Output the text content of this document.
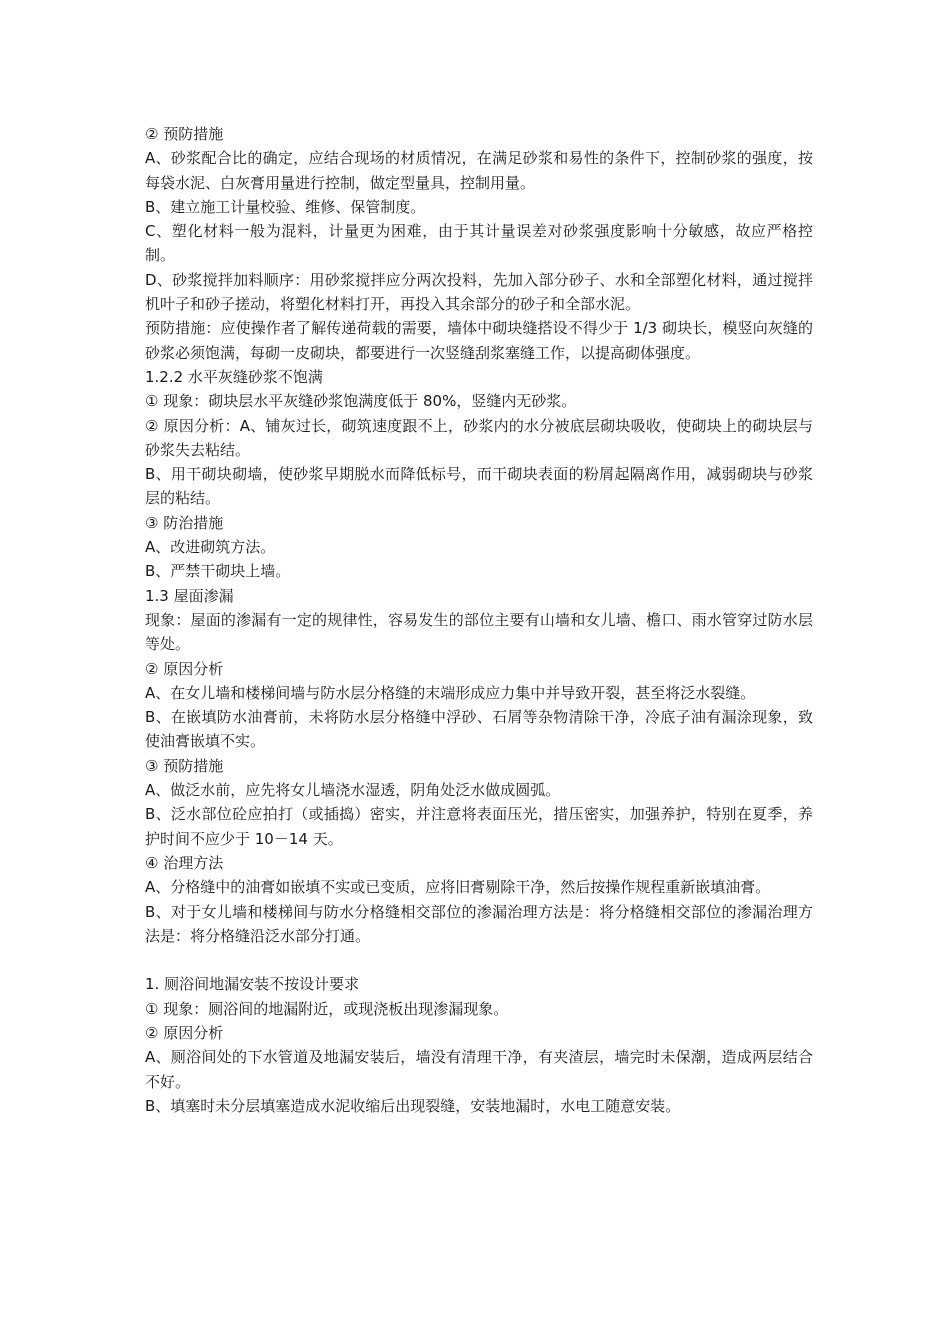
② 预防措施

A、砂浆配合比的确定，应结合现场的材质情况，在满足砂浆和易性的条件下，控制砂浆的强度，按每袋水泥、白灰膏用量进行控制，做定型量具，控制用量。

B、建立施工计量校验、维修、保管制度。

C、塑化材料一般为混料，计量更为困难，由于其计量误差对砂浆强度影响十分敏感，故应严格控制。

D、砂浆搅拌加料顺序：用砂浆搅拌应分两次投料，先加入部分砂子、水和全部塑化材料，通过搅拌机叶子和砂子搓动，将塑化材料打开，再投入其余部分的砂子和全部水泥。

预防措施：应使操作者了解传递荷载的需要，墙体中砌块缝搭设不得少于 1/3 砌块长，模竖向灰缝的砂浆必须饱满，每砌一皮砌块，都要进行一次竖缝刮浆塞缝工作，以提高砌体强度。

1.2.2 水平灰缝砂浆不饱满

① 现象：砌块层水平灰缝砂浆饱满度低于 80%，竖缝内无砂浆。

② 原因分析：A、铺灰过长，砌筑速度跟不上，砂浆内的水分被底层砌块吸收，使砌块上的砌块层与砂浆失去粘结。

B、用干砌块砌墙，使砂浆早期脱水而降低标号，而干砌块表面的粉屑起隔离作用，减弱砌块与砂浆层的粘结。

③ 防治措施

A、改进砌筑方法。

B、严禁干砌块上墙。

1.3 屋面渗漏

现象：屋面的渗漏有一定的规律性，容易发生的部位主要有山墙和女儿墙、檐口、雨水管穿过防水层等处。

② 原因分析

A、在女儿墙和楼梯间墙与防水层分格缝的末端形成应力集中并导致开裂，甚至将泛水裂缝。

B、在嵌填防水油膏前，未将防水层分格缝中浮砂、石屑等杂物清除干净，冷底子油有漏涂现象，致使油膏嵌填不实。

③ 预防措施

A、做泛水前，应先将女儿墙浇水湿透，阴角处泛水做成圆弧。

B、泛水部位砼应拍打（或插捣）密实，并注意将表面压光，措压密实，加强养护，特别在夏季，养护时间不应少于 10－14 天。

④ 治理方法

A、分格缝中的油膏如嵌填不实或已变质，应将旧膏剔除干净，然后按操作规程重新嵌填油膏。

B、对于女儿墙和楼梯间与防水分格缝相交部位的渗漏治理方法是：将分格缝相交部位的渗漏治理方法是：将分格缝沿泛水部分打通。

1. 厕浴间地漏安装不按设计要求

① 现象：厕浴间的地漏附近，或现浇板出现渗漏现象。

② 原因分析

A、厕浴间处的下水管道及地漏安装后，墙没有清理干净，有夹渣层，墙完时未保潮，造成两层结合不好。

B、填塞时未分层填塞造成水泥收缩后出现裂缝，安装地漏时，水电工随意安装。
